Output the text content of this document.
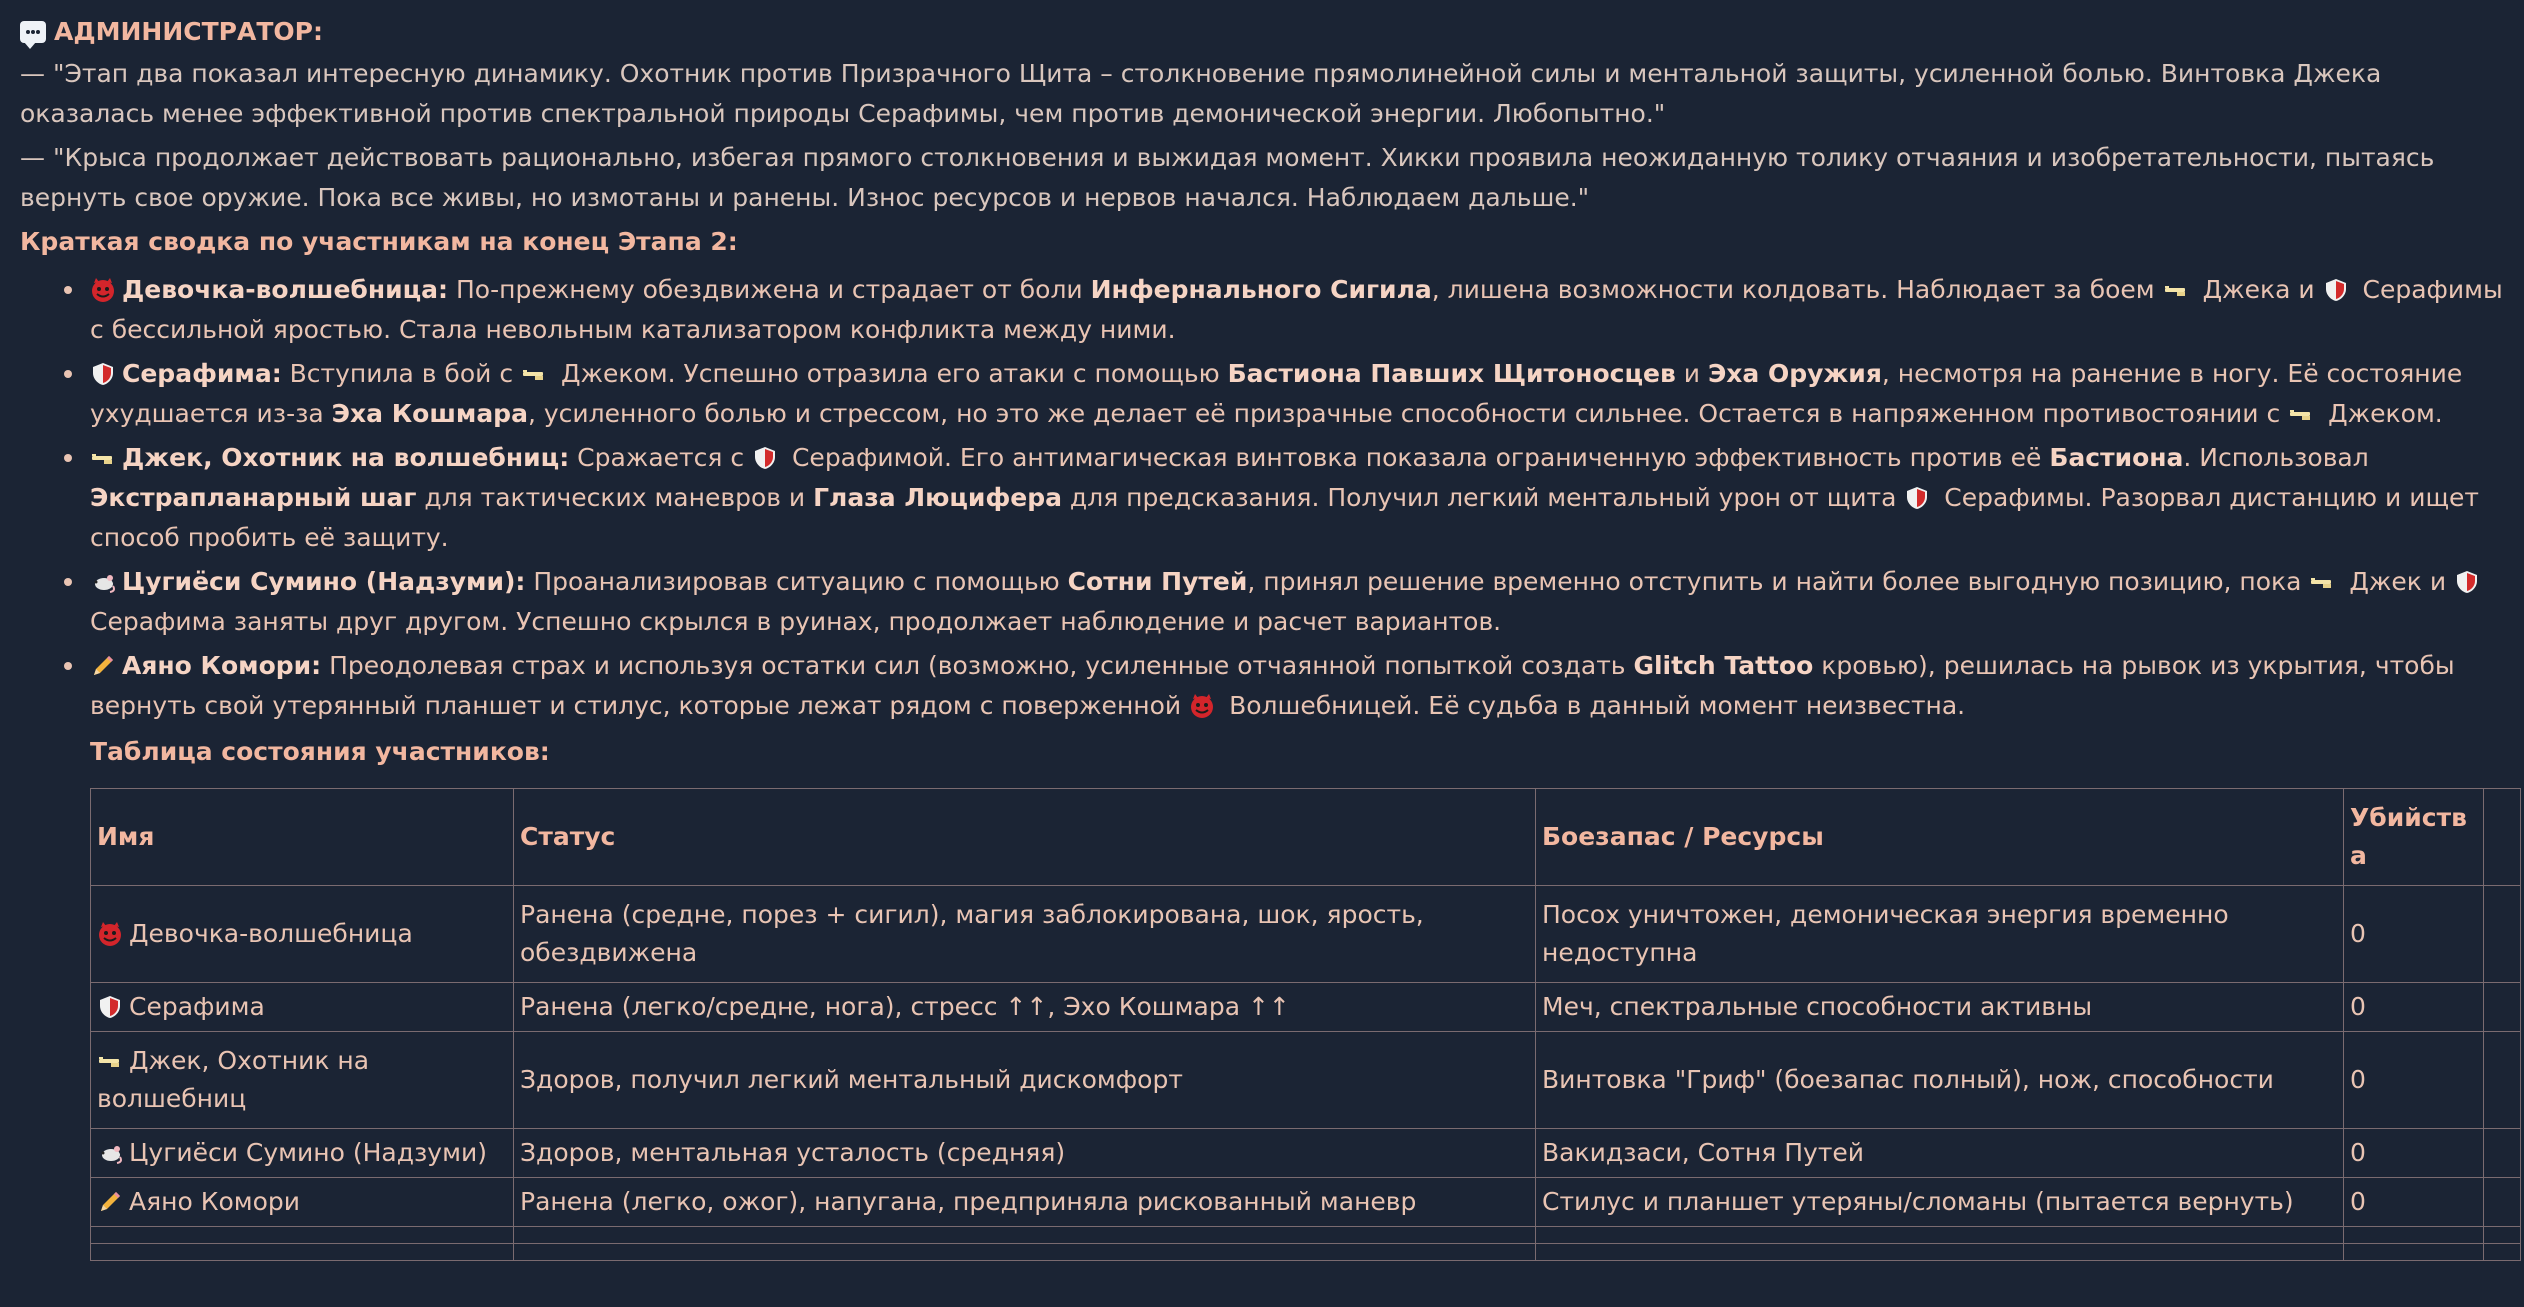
АДМИНИСТРАТОР:

— "Этап два показал интересную динамику. Охотник против Призрачного Щита – столкновение прямолинейной силы и ментальной защиты, усиленной болью. Винтовка Джека оказалась менее эффективной против спектральной природы Серафимы, чем против демонической энергии. Любопытно."

— "Крыса продолжает действовать рационально, избегая прямого столкновения и выжидая момент. Хикки проявила неожиданную толику отчаяния и изобретательности, пытаясь вернуть свое оружие. Пока все живы, но измотаны и ранены. Износ ресурсов и нервов начался. Наблюдаем дальше."

Краткая сводка по участникам на конец Этапа 2:

Девочка-волшебница: По-прежнему обездвижена и страдает от боли Инфернального Сигила, лишена возможности колдовать. Наблюдает за боем
Джека и
Серафимы с бессильной яростью. Стала невольным катализатором конфликта между ними.
Серафима: Вступила в бой с
Джеком. Успешно отразила его атаки с помощью Бастиона Павших Щитоносцев и Эха Оружия, несмотря на ранение в ногу. Её состояние ухудшается из-за Эха Кошмара, усиленного болью и стрессом, но это же делает её призрачные способности сильнее. Остается в напряженном противостоянии с
Джеком.
Джек, Охотник на волшебниц: Сражается с
Серафимой. Его антимагическая винтовка показала ограниченную эффективность против её Бастиона. Использовал Экстрапланарный шаг для тактических маневров и Глаза Люцифера для предсказания. Получил легкий ментальный урон от щита
Серафимы. Разорвал дистанцию и ищет способ пробить её защиту.
Цугиёси Сумино (Надзуми): Проанализировав ситуацию с помощью Сотни Путей, принял решение временно отступить и найти более выгодную позицию, пока
Джек и
Серафима заняты друг другом. Успешно скрылся в руинах, продолжает наблюдение и расчет вариантов.
Аяно Комори: Преодолевая страх и используя остатки сил (возможно, усиленные отчаянной попыткой создать Glitch Tattoo кровью), решилась на рывок из укрытия, чтобы вернуть свой утерянный планшет и стилус, которые лежат рядом с поверженной
Волшебницей. Её судьба в данный момент неизвестна.

Таблица состояния участников:

Имя	Статус	Боезапас / Ресурсы	Убийства	

Девочка-волшебница	Ранена (средне, порез + сигил), магия заблокирована, шок, ярость, обездвижена	Посох уничтожен, демоническая энергия временно недоступна	0	

Серафима	Ранена (легко/средне, нога), стресс ↑↑, Эхо Кошмара ↑↑	Меч, спектральные способности активны	0	

Джек, Охотник на волшебниц	Здоров, получил легкий ментальный дискомфорт	Винтовка "Гриф" (боезапас полный), нож, способности	0	

Цугиёси Сумино (Надзуми)	Здоров, ментальная усталость (средняя)	Вакидзаси, Сотня Путей	0	

Аяно Комори	Ранена (легко, ожог), напугана, предприняла рискованный маневр	Стилус и планшет утеряны/сломаны (пытается вернуть)	0	
